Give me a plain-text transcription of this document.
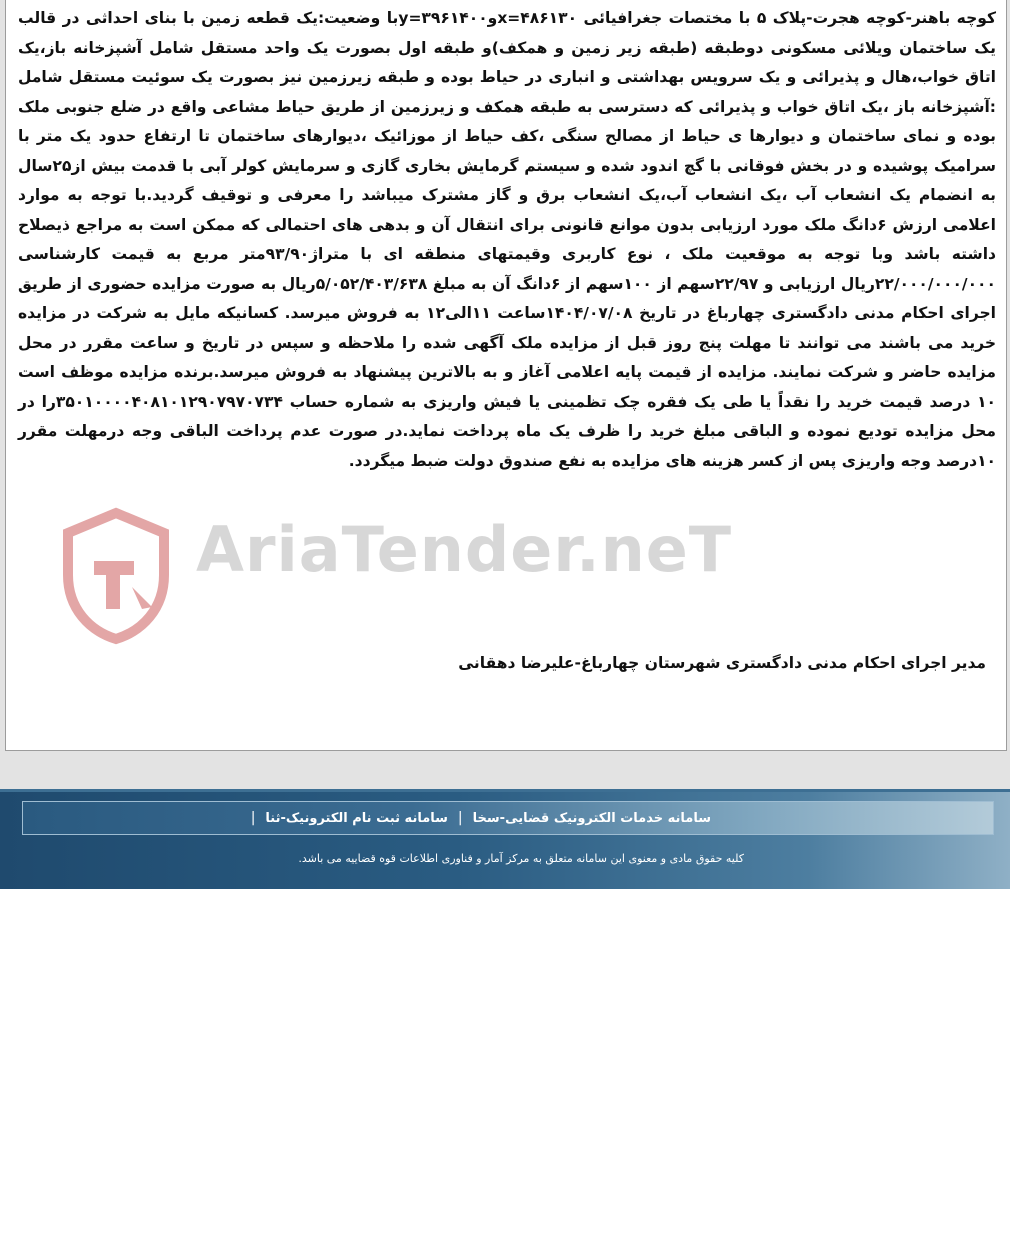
AriaTender.neT

کوچه باهنر-کوچه هجرت-پلاک ۵ با مختصات جغرافیائی x=۴۸۶۱۳۰وy=۳۹۶۱۴۰۰با وضعیت:یک قطعه زمین با بنای احداثی در قالب یک ساختمان ویلائی مسکونی دوطبقه (طبقه زیر زمین و همکف)و طبقه اول بصورت یک واحد مستقل شامل آشپزخانه باز،یک اتاق خواب،هال و پذیرائی و یک سرویس بهداشتی و انباری در حیاط بوده و طبقه زیرزمین نیز بصورت یک سوئیت مستقل شامل :آشپزخانه باز ،یک اتاق خواب و پذیرائی که دسترسی به طبقه همکف و زیرزمین از طریق حیاط مشاعی واقع در ضلع جنوبی ملک بوده و نمای ساختمان و دیوارها ی حیاط از مصالح سنگی ،کف حیاط از موزائیک ،دیوارهای ساختمان تا ارتفاع حدود یک متر با سرامیک پوشیده و در بخش فوقانی با گچ اندود شده و سیستم گرمایش بخاری گازی و سرمایش کولر آبی با قدمت بیش از۲۵سال به انضمام یک انشعاب آب ،یک انشعاب آب،یک انشعاب برق و گاز مشترک میباشد را معرفی و توقیف گردید.با توجه به موارد اعلامی ارزش ۶دانگ ملک مورد ارزیابی بدون موانع قانونی برای انتقال آن و بدهی های احتمالی که ممکن است به مراجع ذیصلاح داشته باشد وبا توجه به موقعیت ملک ، نوع کاربری وقیمتهای منطقه ای با متراژ۹۳/۹۰متر مربع به قیمت کارشناسی ۲۲/۰۰۰/۰۰۰/۰۰۰ریال ارزیابی و ۲۲/۹۷سهم از ۱۰۰سهم از ۶دانگ آن به مبلغ ۵/۰۵۲/۴۰۳/۶۳۸ریال به صورت مزایده حضوری از طریق اجرای احکام مدنی دادگستری چهارباغ در تاریخ ۱۴۰۴/۰۷/۰۸ساعت ۱۱الی۱۲ به فروش میرسد. کسانیکه مایل به شرکت در مزایده خرید می باشند می توانند تا مهلت پنج روز قبل از مزایده ملک آگهی شده را ملاحظه و سپس در تاریخ و ساعت مقرر در محل مزایده حاضر و شرکت نمایند. مزایده از قیمت پایه اعلامی آغاز و به بالاترین پیشنهاد به فروش میرسد.برنده مزایده موظف است ۱۰ درصد قیمت خرید را نقداً یا طی یک فقره چک تظمینی یا فیش واریزی به شماره حساب ۳۵۰۱۰۰۰۰۴۰۸۱۰۱۲۹۰۷۹۷۰۷۳۴را در محل مزایده تودیع نموده و الباقی مبلغ خرید را ظرف یک ماه پرداخت نماید.در صورت عدم پرداخت الباقی وجه درمهلت مقرر ۱۰درصد وجه واریزی پس از کسر هزینه های مزایده به نفع صندوق دولت ضبط میگردد.

مدیر اجرای احکام مدنی دادگستری شهرستان چهارباغ-علیرضا دهقانی
سامانه خدمات الکترونیک قضایی-سخا
|
سامانه ثبت نام الکترونیک-ثنا
|
کلیه حقوق مادی و معنوی این سامانه متعلق به مرکز آمار و فناوری اطلاعات قوه قضاییه می باشد.
